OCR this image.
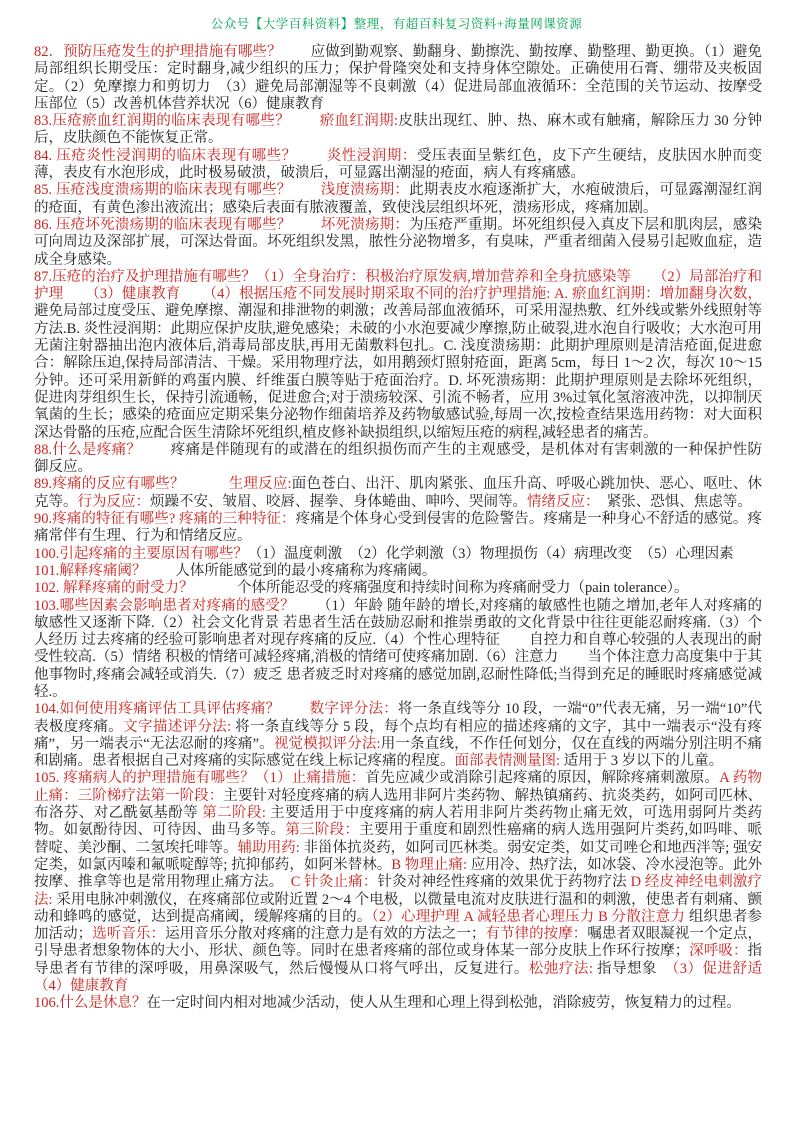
公众号【大学百科资料】整理，有超百科复习资料+海量网课资源

82．预防压疮发生的护理措施有哪些？　　应做到勤观察、勤翻身、勤擦洗、勤按摩、勤整理、勤更换。（1）避免局部组织长期受压：定时翻身,减少组织的压力；保护骨隆突处和支持身体空隙处。正确使用石膏、绷带及夹板固定。（2）免摩擦力和剪切力　（3）避免局部潮湿等不良刺激（4）促进局部血液循环：全范围的关节运动、按摩受压部位（5）改善机体营养状况（6）健康教育

83.压疮瘀血红润期的临床表现有哪些？　　瘀血红润期:皮肤出现红、肿、热、麻木或有触痛，解除压力 30 分钟后，皮肤颜色不能恢复正常。

84. 压疮炎性浸润期的临床表现有哪些？　　炎性浸润期：受压表面呈紫红色，皮下产生硬结，皮肤因水肿而变薄，表皮有水泡形成，此时极易破溃，破溃后，可显露出潮湿的疮面，病人有疼痛感。

85. 压疮浅度溃疡期的临床表现有哪些？　　浅度溃疡期：此期表皮水疱逐渐扩大，水疱破溃后，可显露潮湿红润的疮面，有黄色渗出液流出；感染后表面有脓液覆盖，致使浅层组织坏死，溃疡形成，疼痛加剧。

86. 压疮坏死溃疡期的临床表现有哪些？　　坏死溃疡期：为压疮严重期。坏死组织侵入真皮下层和肌肉层，感染可向周边及深部扩展，可深达骨面。坏死组织发黑，脓性分泌物增多，有臭味，严重者细菌入侵易引起败血症，造成全身感染。

87.压疮的治疗及护理措施有哪些？（1）全身治疗：积极治疗原发病,增加营养和全身抗感染等　　（2）局部治疗和护理　　（3）健康教育　　（4）根据压疮不同发展时期采取不同的治疗护理措施: A. 瘀血红润期：增加翻身次数，避免局部过度受压、避免摩擦、潮湿和排泄物的刺激；改善局部血液循环，可采用湿热敷、红外线或紫外线照射等方法.B. 炎性浸润期：此期应保护皮肤,避免感染；未破的小水泡要减少摩擦,防止破裂,进水泡自行吸收；大水泡可用无菌注射器抽出泡内液体后,消毒局部皮肤,再用无菌敷料包扎。C. 浅度溃疡期：此期护理原则是清洁疮面,促进愈合：解除压迫,保持局部清洁、干燥。采用物理疗法，如用鹅颈灯照射疮面，距离 5cm，每日 1～2 次，每次 10～15 分钟。还可采用新鲜的鸡蛋内膜、纤维蛋白膜等贴于疮面治疗。D. 坏死溃疡期：此期护理原则是去除坏死组织，促进肉芽组织生长，保持引流通畅，促进愈合;对于溃疡较深、引流不畅者，应用 3%过氧化氢溶液冲洗，以抑制厌氧菌的生长；感染的疮面应定期采集分泌物作细菌培养及药物敏感试验,每周一次,按检查结果选用药物：对大面积深达骨骼的压疮,应配合医生清除坏死组织,植皮修补缺损组织,以缩短压疮的病程,减轻患者的痛苦。

88.什么是疼痛？　　疼痛是伴随现有的或潜在的组织损伤而产生的主观感受，是机体对有害刺激的一种保护性防御反应。

89.疼痛的反应有哪些？　　　生理反应:面色苍白、出汗、肌肉紧张、血压升高、呼吸心跳加快、恶心、呕吐、休克等。行为反应：烦躁不安、皱眉、咬唇、握拳、身体蜷曲、呻吟、哭闹等。情绪反应：　紧张、恐惧、焦虑等。

90.疼痛的特征有哪些? 疼痛的三种特征：疼痛是个体身心受到侵害的危险警告。疼痛是一种身心不舒适的感觉。疼痛常伴有生理、行为和情绪反应。

100.引起疼痛的主要原因有哪些？（1）温度刺激　（2）化学刺激（3）物理损伤（4）病理改变　（5）心理因素

101.解释疼痛阈？　　人体所能感觉到的最小疼痛称为疼痛阈。

102. 解释疼痛的耐受力？　　　个体所能忍受的疼痛强度和持续时间称为疼痛耐受力（pain tolerance）。

103.哪些因素会影响患者对疼痛的感受？　　（1）年龄 随年龄的增长,对疼痛的敏感性也随之增加,老年人对疼痛的敏感性又逐渐下降.（2）社会文化背景 若患者生活在鼓励忍耐和推崇勇敢的文化背景中往往更能忍耐疼痛.（3）个人经历 过去疼痛的经验可影响患者对现存疼痛的反应.（4）个性心理特征　　自控力和自尊心较强的人表现出的耐受性较高.（5）情绪 积极的情绪可减轻疼痛,消极的情绪可使疼痛加剧.（6）注意力　　当个体注意力高度集中于其他事物时,疼痛会减轻或消失.（7）疲乏 患者疲乏时对疼痛的感觉加剧,忍耐性降低;当得到充足的睡眠时疼痛感觉减轻.。

104.如何使用疼痛评估工具评估疼痛？　　数字评分法：将一条直线等分 10 段，一端“0”代表无痛，另一端“10”代表极度疼痛。文字描述评分法: 将一条直线等分 5 段，每个点均有相应的描述疼痛的文字，其中一端表示“没有疼痛”，另一端表示“无法忍耐的疼痛”。视觉模拟评分法:用一条直线，不作任何划分，仅在直线的两端分别注明不痛和剧痛。患者根据自己对疼痛的实际感觉在线上标记疼痛的程度。面部表情测量图: 适用于 3 岁以下的儿童。

105. 疼痛病人的护理措施有哪些？（1）止痛措施：首先应减少或消除引起疼痛的原因，解除疼痛刺激原。A 药物止痛：三阶梯疗法第一阶段：主要针对轻度疼痛的病人选用非阿片类药物、解热镇痛药、抗炎类药，如阿司匹林、布洛芬、对乙酰氨基酚等 第二阶段: 主要适用于中度疼痛的病人若用非阿片类药物止痛无效，可选用弱阿片类药物。如氨酚待因、可待因、曲马多等。第三阶段：主要用于重度和剧烈性癌痛的病人选用强阿片类药,如吗啡、哌替啶、美沙酮、二氢埃托啡等。辅助用药: 非甾体抗炎药，如阿司匹林类。弱安定类，如艾司唑仑和地西泮等; 强安定类，如氯丙嗪和氟哌啶醇等; 抗抑郁药，如阿米替林。B 物理止痛: 应用冷、热疗法，如冰袋、冷水浸泡等。此外按摩、推拿等也是常用物理止痛方法。　C 针灸止痛：针灸对神经性疼痛的效果优于药物疗法 D 经皮神经电刺激疗法: 采用电脉冲刺激仪，在疼痛部位或附近置 2～4 个电极，以微量电流对皮肤进行温和的刺激，使患者有刺痛、颤动和蜂鸣的感觉，达到提高痛阈，缓解疼痛的目的。（2）心理护理 A 减轻患者心理压力 B 分散注意力 组织患者参加活动；选听音乐：运用音乐分散对疼痛的注意力是有效的方法之一；有节律的按摩：嘱患者双眼凝视一个定点，引导患者想象物体的大小、形状、颜色等。同时在患者疼痛的部位或身体某一部分皮肤上作环行按摩；深呼吸：指导患者有节律的深呼吸，用鼻深吸气，然后慢慢从口将气呼出，反复进行。松弛疗法: 指导想象　（3）促进舒适（4）健康教育

106.什么是休息？在一定时间内相对地减少活动，使人从生理和心理上得到松弛，消除疲劳，恢复精力的过程。
